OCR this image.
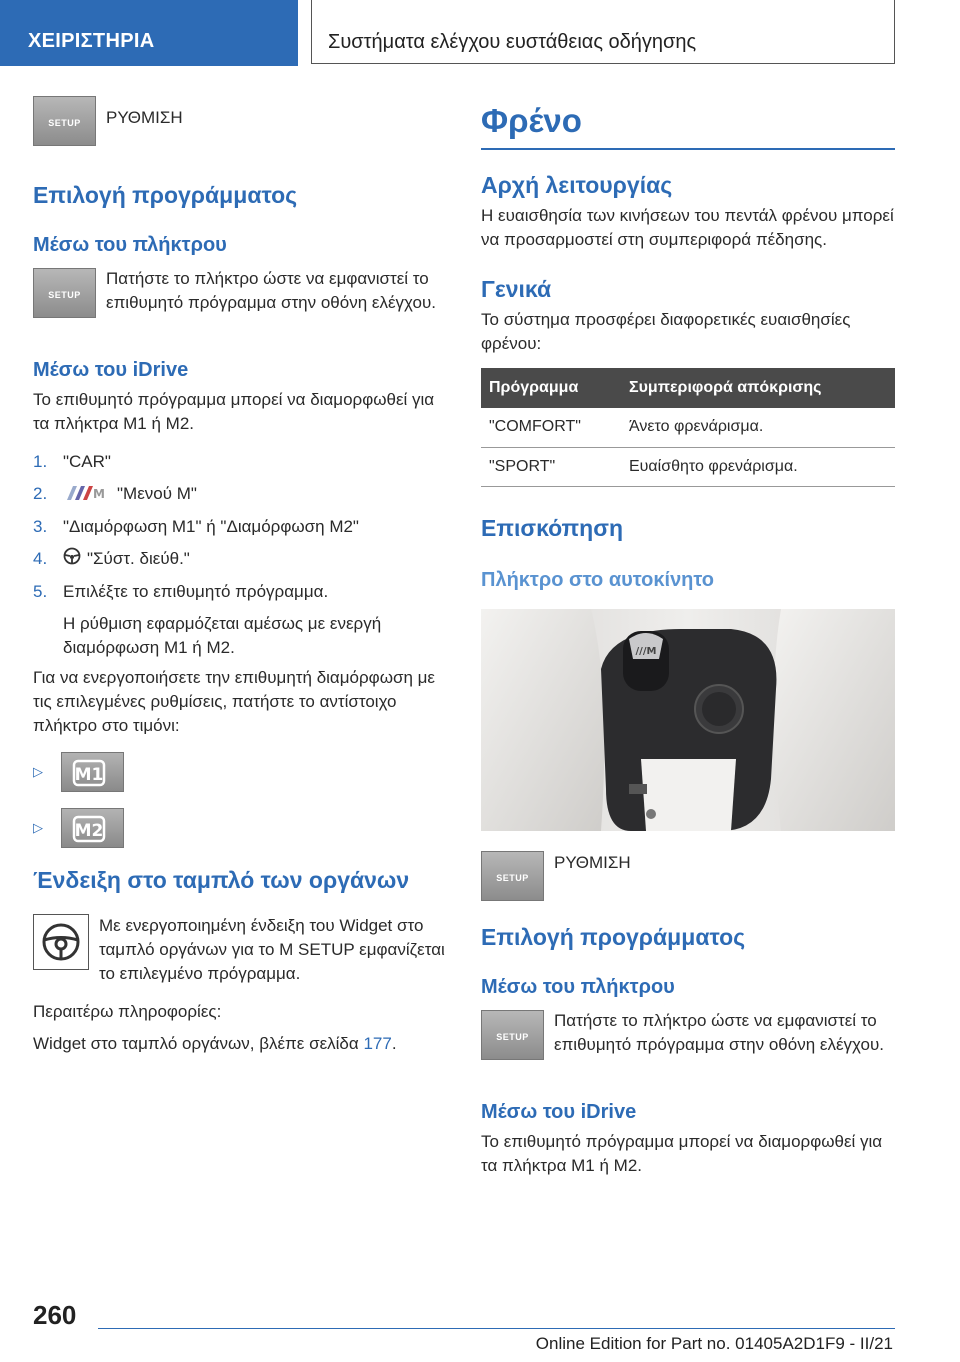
ΧΕΙΡΙΣΤΗΡΙΑ	Συστήματα ελέγχου ευστάθειας οδήγησης
SETUP	ΡΥΘΜΙΣΗ
Επιλογή προγράμματος
Μέσω του πλήκτρου
SETUP
Πατήστε το πλήκτρο ώστε να εμφανιστεί το επιθυμητό πρόγραμμα στην οθόνη ελέγχου.
Μέσω του iDrive
Το επιθυμητό πρόγραμμα μπορεί να διαμορφωθεί για τα πλήκτρα M1 ή M2.
1. "CAR"
2.	M "Μενού M"
3. "Διαμόρφωση M1" ή "Διαμόρφωση M2"
4. "Σύστ. διεύθ."
5. Επιλέξτε το επιθυμητό πρόγραμμα.
Η ρύθμιση εφαρμόζεται αμέσως με ενεργή διαμόρφωση M1 ή M2.
Για να ενεργοποιήσετε την επιθυμητή διαμόρφωση με τις επιλεγμένες ρυθμίσεις, πατήστε το αντίστοιχο πλήκτρο στο τιμόνι:
▷ M1
▷ M2
Ένδειξη στο ταμπλό των οργάνων
Με ενεργοποιημένη ένδειξη του Widget στο ταμπλό οργάνων για το M SETUP εμφανίζεται το επιλεγμένο πρόγραμμα.
Περαιτέρω πληροφορίες:
Widget στο ταμπλό οργάνων, βλέπε σελίδα 177.
Φρένο
Αρχή λειτουργίας
Η ευαισθησία των κινήσεων του πεντάλ φρένου μπορεί να προσαρμοστεί στη συμπεριφορά πέδησης.
Γενικά
Το σύστημα προσφέρει διαφορετικές ευαισθησίες φρένου:
Πρόγραμμα	Συμπεριφορά απόκρισης
"COMFORT"	Άνετο φρενάρισμα.
"SPORT"	Ευαίσθητο φρενάρισμα.
Επισκόπηση
Πλήκτρο στο αυτοκίνητο
///M
SETUP
ΡΥΘΜΙΣΗ
Επιλογή προγράμματος
Μέσω του πλήκτρου
SETUP
Πατήστε το πλήκτρο ώστε να εμφανιστεί το επιθυμητό πρόγραμμα στην οθόνη ελέγχου.
Μέσω του iDrive
Το επιθυμητό πρόγραμμα μπορεί να διαμορφωθεί για τα πλήκτρα M1 ή M2.
260
Online Edition for Part no. 01405A2D1F9 - II/21
